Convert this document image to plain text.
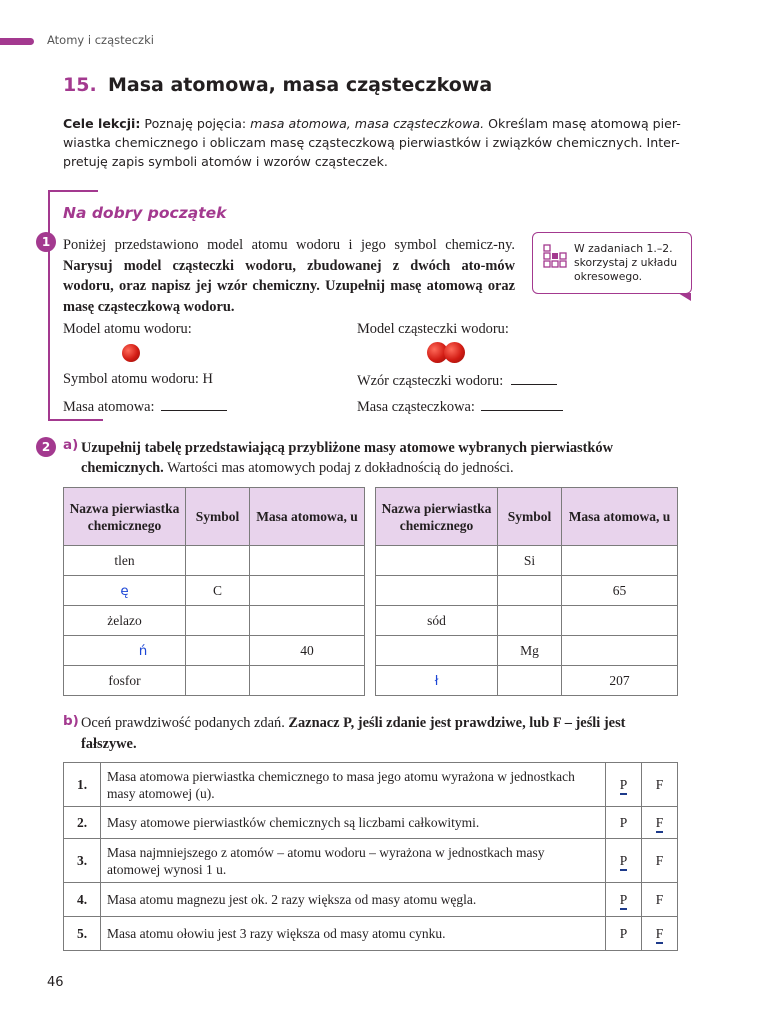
Atomy i cząsteczki
15. Masa atomowa, masa cząsteczkowa
Cele lekcji: Poznaję pojęcia: masa atomowa, masa cząsteczkowa. Określam masę atomową pier-
wiastka chemicznego i obliczam masę cząsteczkową pierwiastków i związków chemicznych. Inter-
pretuję zapis symboli atomów i wzorów cząsteczek.
Na dobry początek
1 Poniżej przedstawiono model atomu wodoru i jego symbol chemicz-ny. Narysuj model cząsteczki wodoru, zbudowanej z dwóch ato-mów wodoru, oraz napisz jej wzór chemiczny. Uzupełnij masę atomową oraz masę cząsteczkową wodoru.
W zadaniach 1.–2. skorzystaj z układu okresowego.
Model atomu wodoru:	Model cząsteczki wodoru:
Symbol atomu wodoru: H	Wzór cząsteczki wodoru:
Masa atomowa:	Masa cząsteczkowa:
2 a) Uzupełnij tabelę przedstawiającą przybliżone masy atomowe wybranych pierwiastków chemicznych. Wartości mas atomowych podaj z dokładnością do jedności.
Nazwa pierwiastka chemicznego	Symbol	Masa atomowa, u
tlen		
ę	C	
żelazo		
ń		40
fosfor		
Nazwa pierwiastka chemicznego	Symbol	Masa atomowa, u
	Si	
		65
sód		
	Mg	
ł		207
b) Oceń prawdziwość podanych zdań. Zaznacz P, jeśli zdanie jest prawdziwe, lub F – jeśli jest fałszywe.
1.	Masa atomowa pierwiastka chemicznego to masa jego atomu wyrażona w jednostkach masy atomowej (u).	P	F
2.	Masy atomowe pierwiastków chemicznych są liczbami całkowitymi.	P	F
3.	Masa najmniejszego z atomów – atomu wodoru – wyrażona w jednostkach masy atomowej wynosi 1 u.	P	F
4.	Masa atomu magnezu jest ok. 2 razy większa od masy atomu węgla.	P	F
5.	Masa atomu ołowiu jest 3 razy większa od masy atomu cynku.	P	F
46
